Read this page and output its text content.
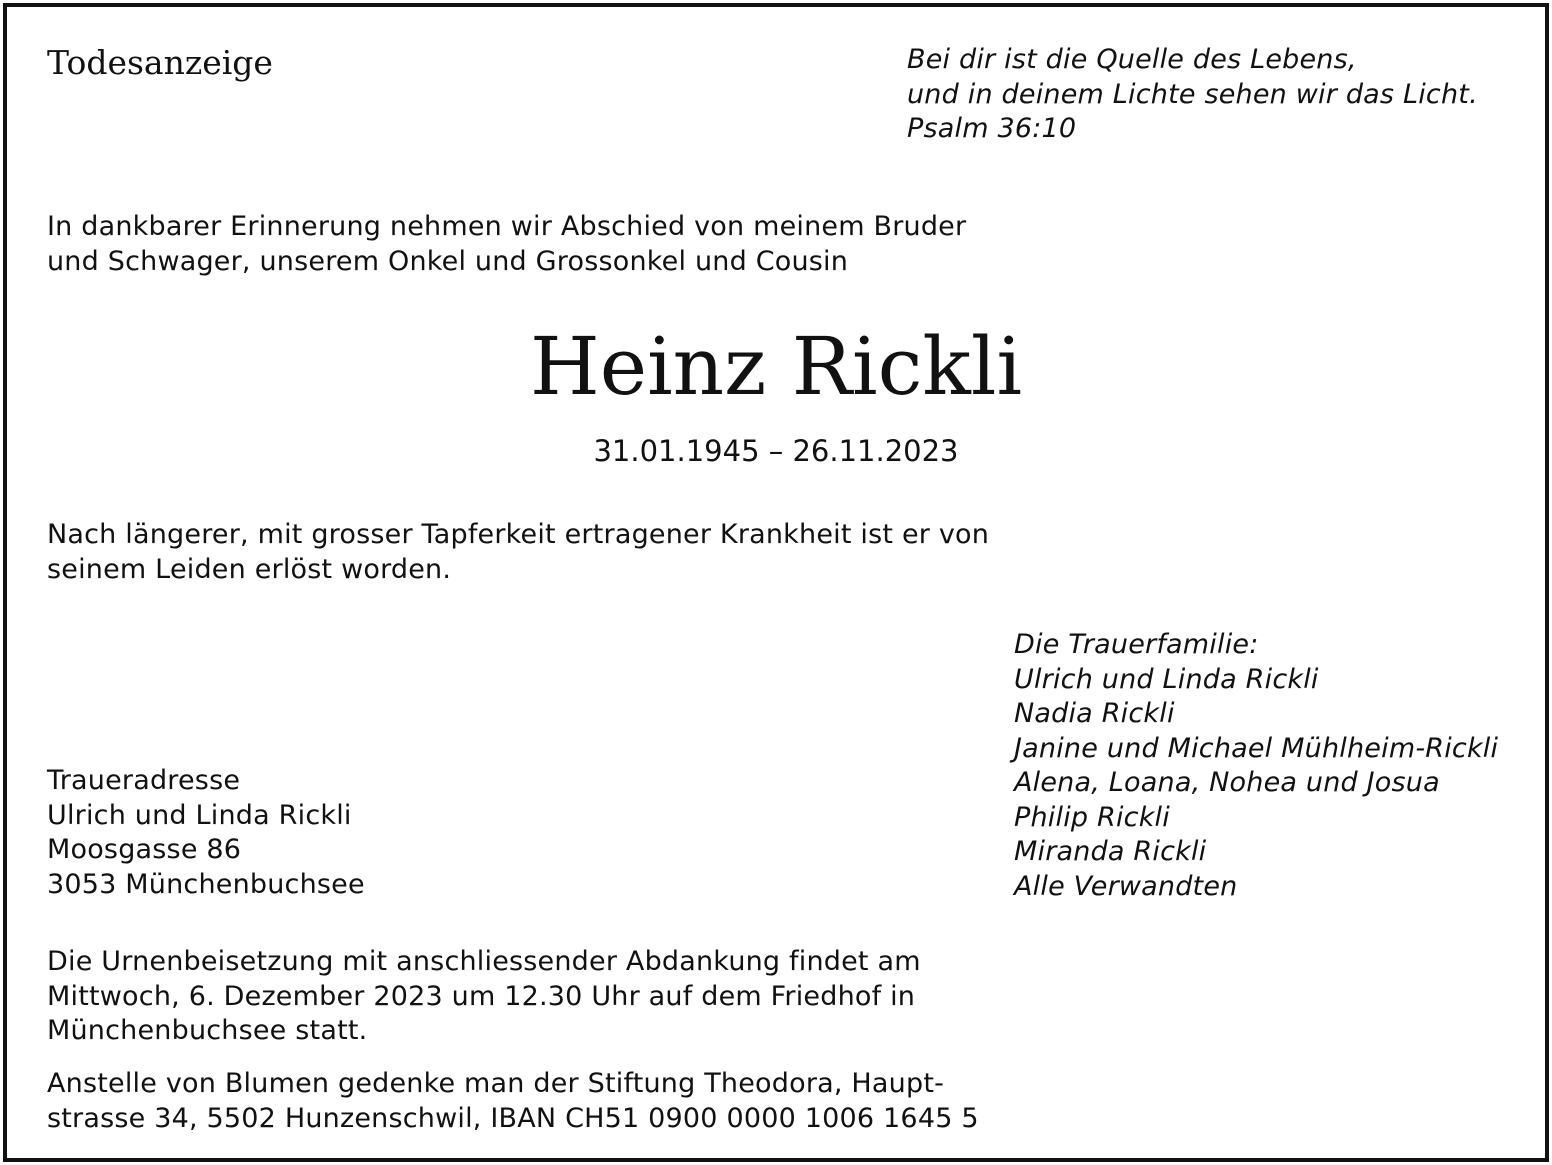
Todesanzeige	Bei dir ist die Quelle des Lebens,
und in deinem Lichte sehen wir das Licht.
Psalm 36:10
In dankbarer Erinnerung nehmen wir Abschied von meinem Bruder
und Schwager, unserem Onkel und Grossonkel und Cousin
Heinz Rickli
31.01.1945 – 26.11.2023
Nach längerer, mit grosser Tapferkeit ertragener Krankheit ist er von
seinem Leiden erlöst worden.
Die Trauerfamilie:
Ulrich und Linda Rickli
Nadia Rickli
Janine und Michael Mühlheim-Rickli
Alena, Loana, Nohea und Josua
Philip Rickli
Miranda Rickli
Alle Verwandten
Traueradresse
Ulrich und Linda Rickli
Moosgasse 86
3053 Münchenbuchsee
Die Urnenbeisetzung mit anschliessender Abdankung findet am
Mittwoch, 6. Dezember 2023 um 12.30 Uhr auf dem Friedhof in
Münchenbuchsee statt.
Anstelle von Blumen gedenke man der Stiftung Theodora, Haupt-
strasse 34, 5502 Hunzenschwil, IBAN CH51 0900 0000 1006 1645 5
